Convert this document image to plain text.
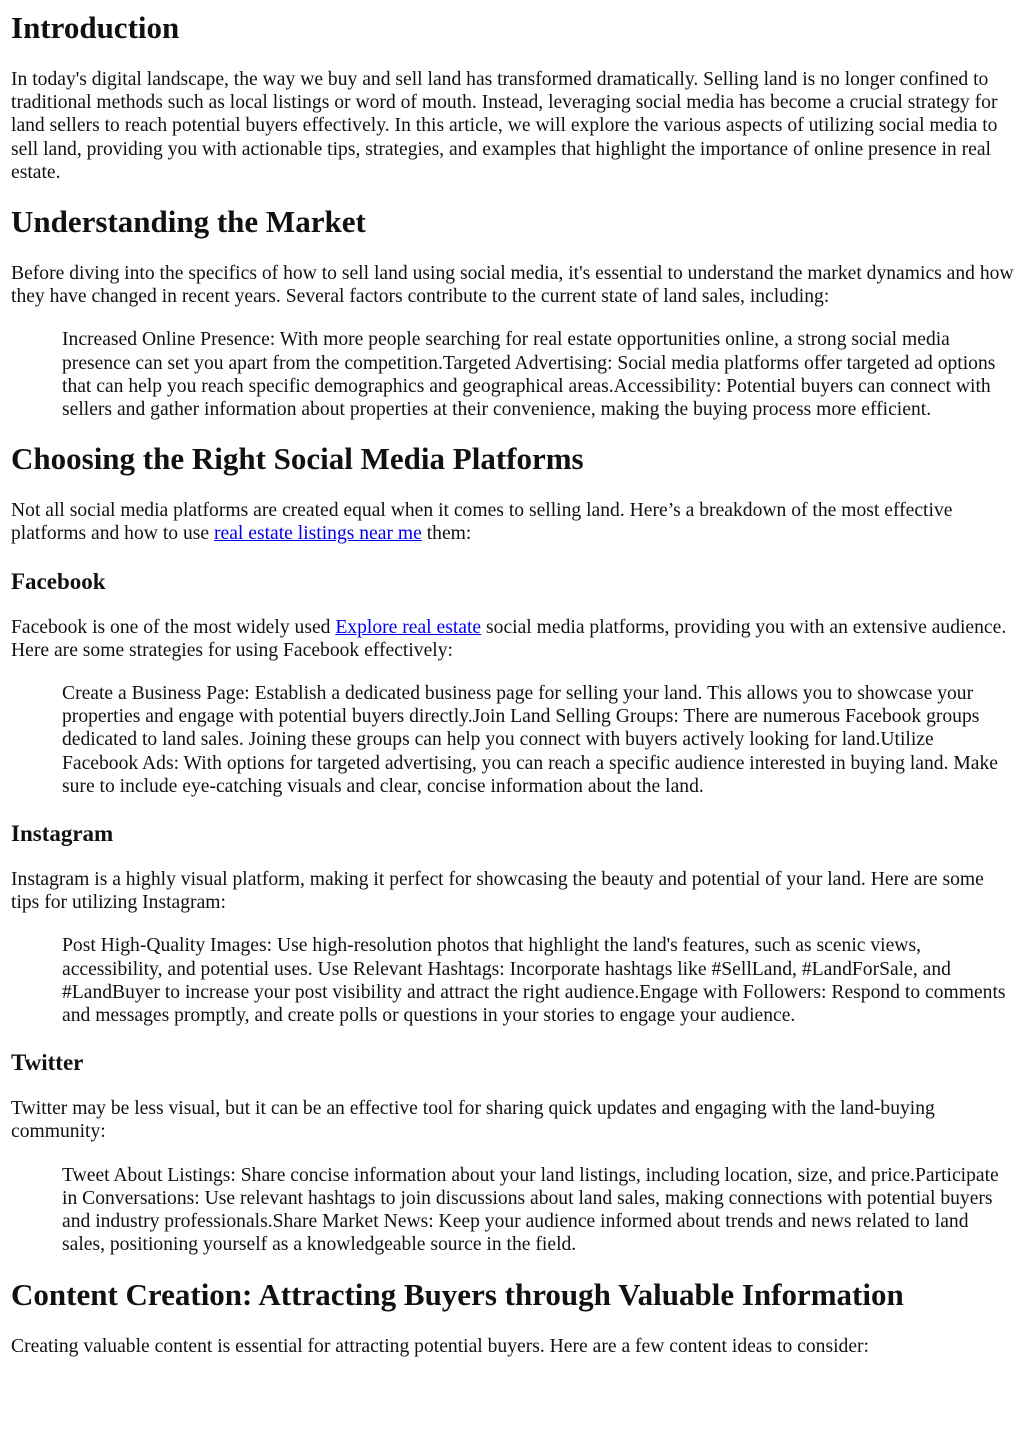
Introduction

In today's digital landscape, the way we buy and sell land has transformed dramatically. Selling land is no longer confined to traditional methods such as local listings or word of mouth. Instead, leveraging social media has become a crucial strategy for land sellers to reach potential buyers effectively. In this article, we will explore the various aspects of utilizing social media to sell land, providing you with actionable tips, strategies, and examples that highlight the importance of online presence in real estate.

Understanding the Market

Before diving into the specifics of how to sell land using social media, it's essential to understand the market dynamics and how they have changed in recent years. Several factors contribute to the current state of land sales, including:

Increased Online Presence: With more people searching for real estate opportunities online, a strong social media presence can set you apart from the competition.Targeted Advertising: Social media platforms offer targeted ad options that can help you reach specific demographics and geographical areas.Accessibility: Potential buyers can connect with sellers and gather information about properties at their convenience, making the buying process more efficient.
Choosing the Right Social Media Platforms

Not all social media platforms are created equal when it comes to selling land. Here’s a breakdown of the most effective platforms and how to use real estate listings near me them:

Facebook

Facebook is one of the most widely used Explore real estate social media platforms, providing you with an extensive audience. Here are some strategies for using Facebook effectively:

Create a Business Page: Establish a dedicated business page for selling your land. This allows you to showcase your properties and engage with potential buyers directly.Join Land Selling Groups: There are numerous Facebook groups dedicated to land sales. Joining these groups can help you connect with buyers actively looking for land.Utilize Facebook Ads: With options for targeted advertising, you can reach a specific audience interested in buying land. Make sure to include eye-catching visuals and clear, concise information about the land.
Instagram

Instagram is a highly visual platform, making it perfect for showcasing the beauty and potential of your land. Here are some tips for utilizing Instagram:

Post High-Quality Images: Use high-resolution photos that highlight the land's features, such as scenic views, accessibility, and potential uses. Use Relevant Hashtags: Incorporate hashtags like #SellLand, #LandForSale, and #LandBuyer to increase your post visibility and attract the right audience.Engage with Followers: Respond to comments and messages promptly, and create polls or questions in your stories to engage your audience.
Twitter

Twitter may be less visual, but it can be an effective tool for sharing quick updates and engaging with the land-buying community:

Tweet About Listings: Share concise information about your land listings, including location, size, and price.Participate in Conversations: Use relevant hashtags to join discussions about land sales, making connections with potential buyers and industry professionals.Share Market News: Keep your audience informed about trends and news related to land sales, positioning yourself as a knowledgeable source in the field.
Content Creation: Attracting Buyers through Valuable Information

Creating valuable content is essential for attracting potential buyers. Here are a few content ideas to consider:
